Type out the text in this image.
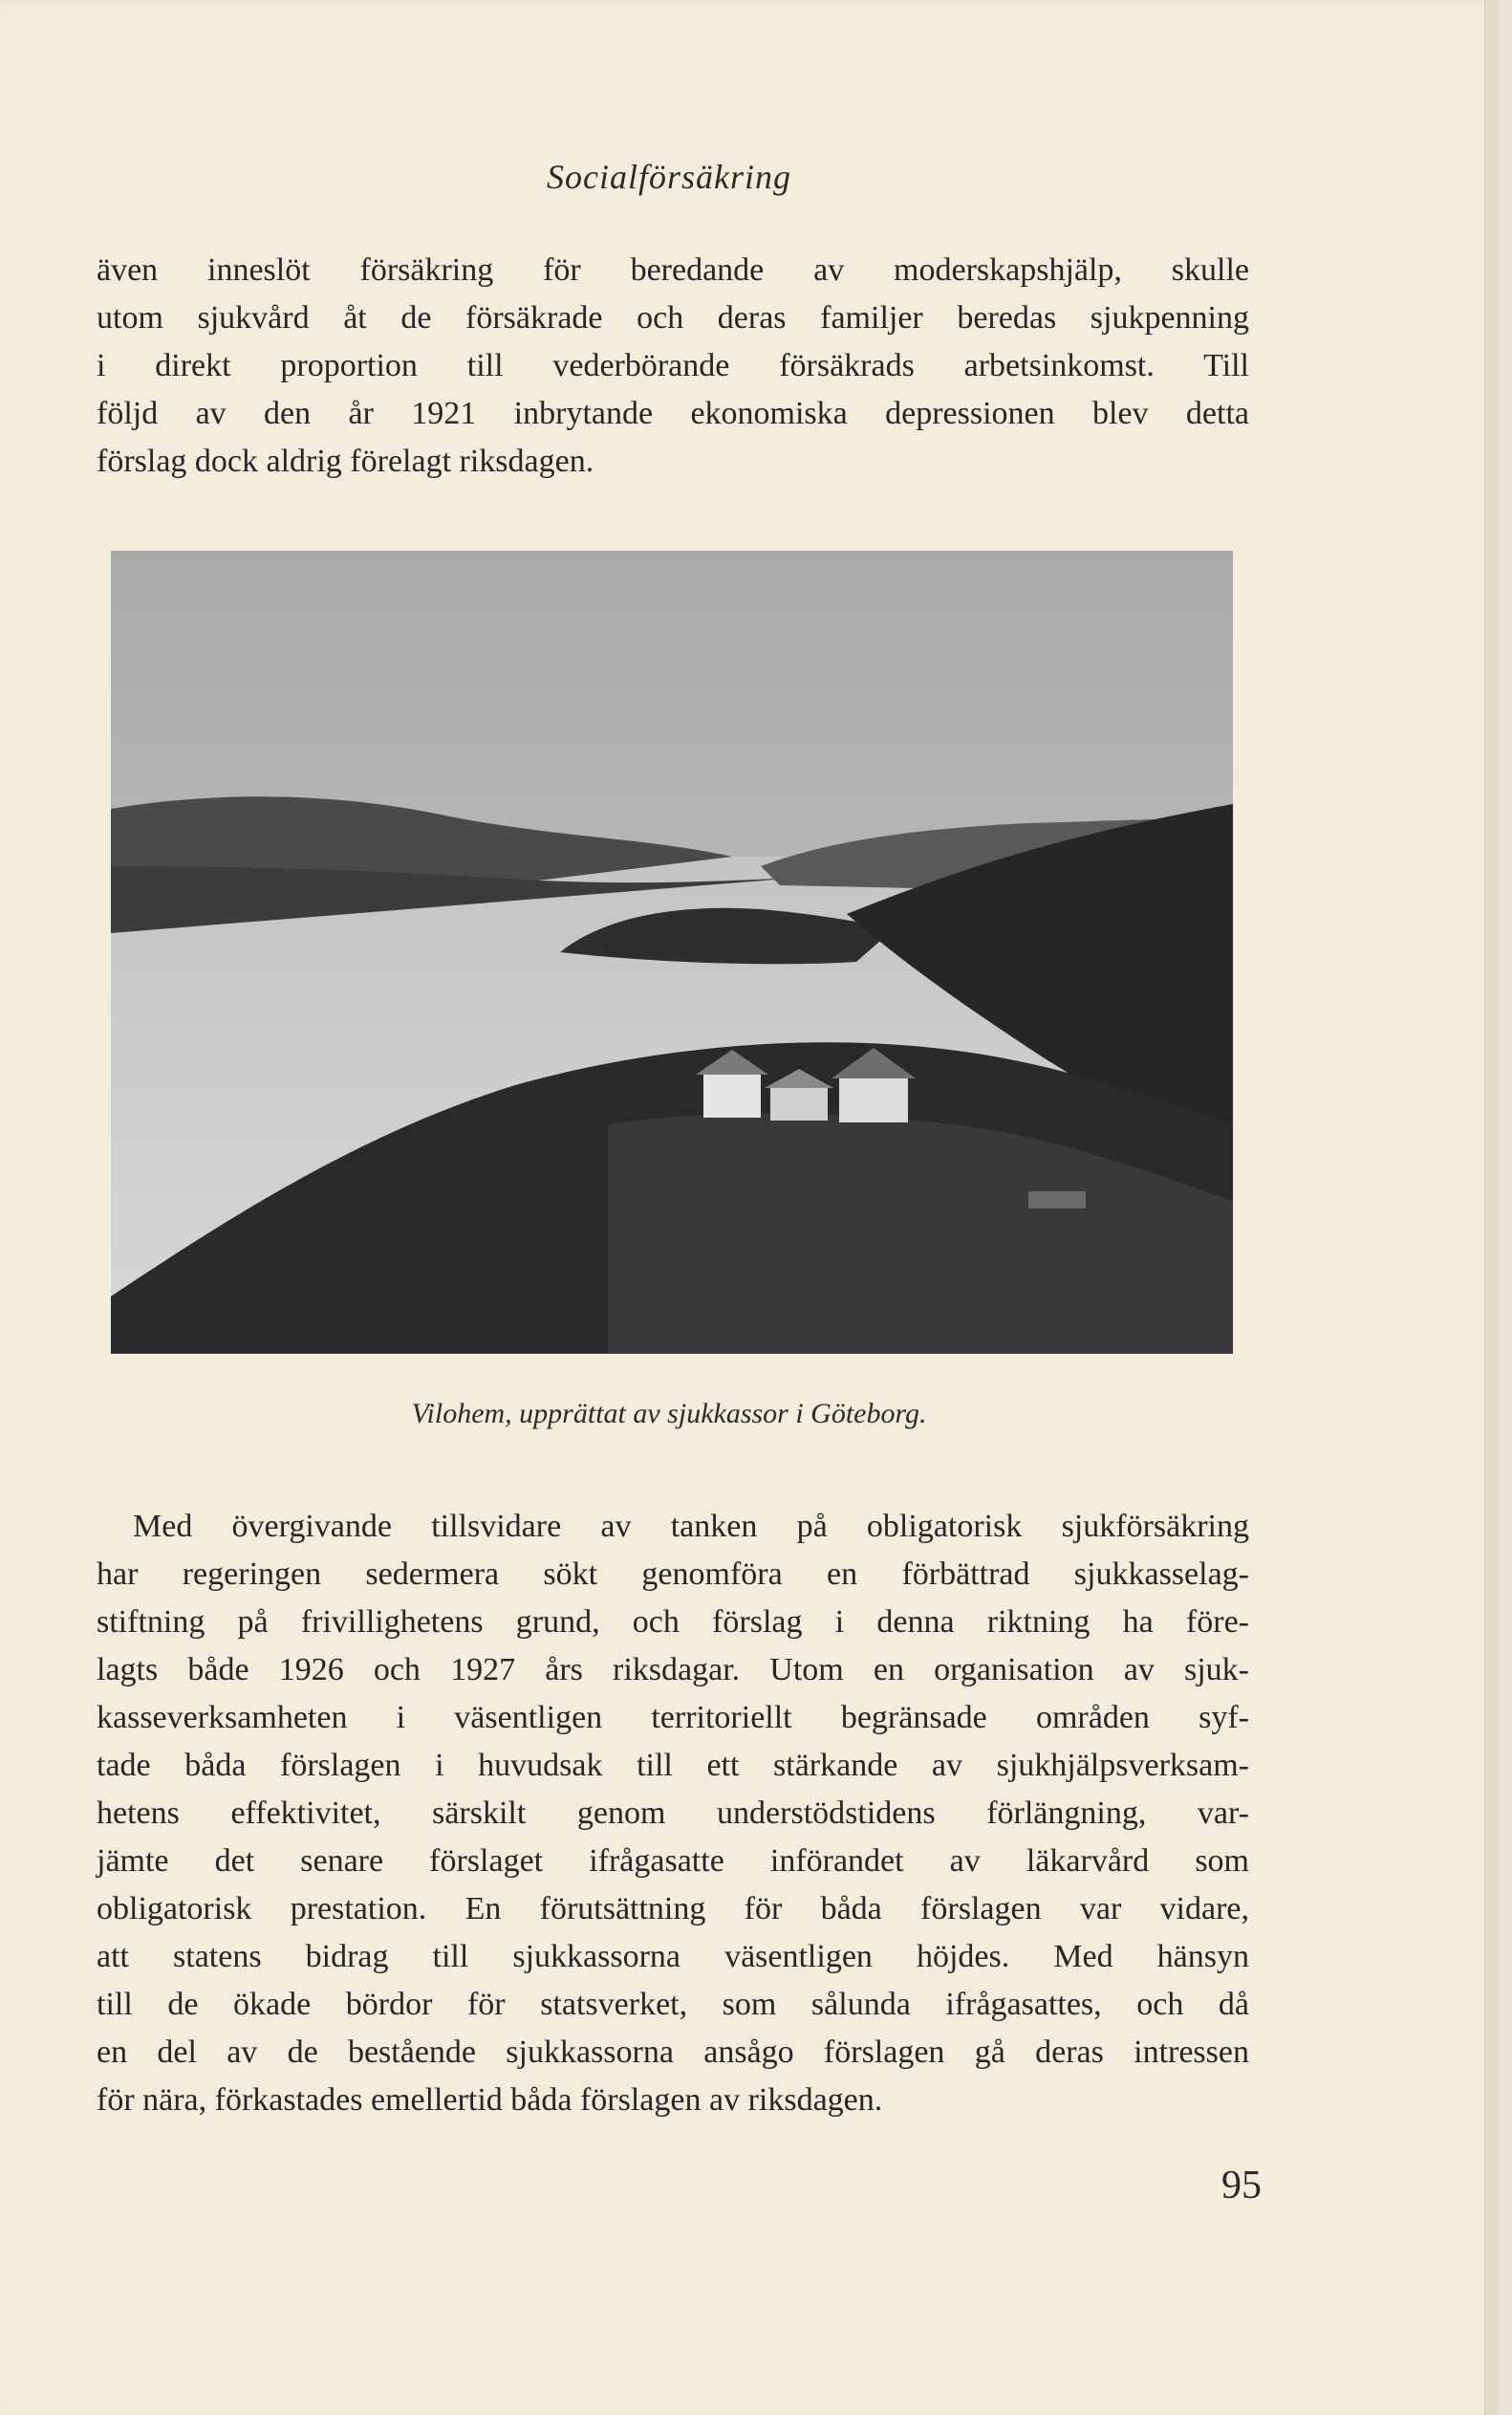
Socialförsäkring
även inneslöt försäkring för beredande av moderskapshjälp, skulle
utom sjukvård åt de försäkrade och deras familjer beredas sjukpenning
i direkt proportion till vederbörande försäkrads arbetsinkomst. Till
följd av den år 1921 inbrytande ekonomiska depressionen blev detta
förslag dock aldrig förelagt riksdagen.
Vilohem, upprättat av sjukkassor i Göteborg.
Med övergivande tillsvidare av tanken på obligatorisk sjukförsäkring
har regeringen sedermera sökt genomföra en förbättrad sjukkasselag-
stiftning på frivillighetens grund, och förslag i denna riktning ha före-
lagts både 1926 och 1927 års riksdagar. Utom en organisation av sjuk-
kasseverksamheten i väsentligen territoriellt begränsade områden syf-
tade båda förslagen i huvudsak till ett stärkande av sjukhjälpsverksam-
hetens effektivitet, särskilt genom understödstidens förlängning, var-
jämte det senare förslaget ifrågasatte införandet av läkarvård som
obligatorisk prestation. En förutsättning för båda förslagen var vidare,
att statens bidrag till sjukkassorna väsentligen höjdes. Med hänsyn
till de ökade bördor för statsverket, som sålunda ifrågasattes, och då
en del av de bestående sjukkassorna ansågo förslagen gå deras intressen
för nära, förkastades emellertid båda förslagen av riksdagen.
95
